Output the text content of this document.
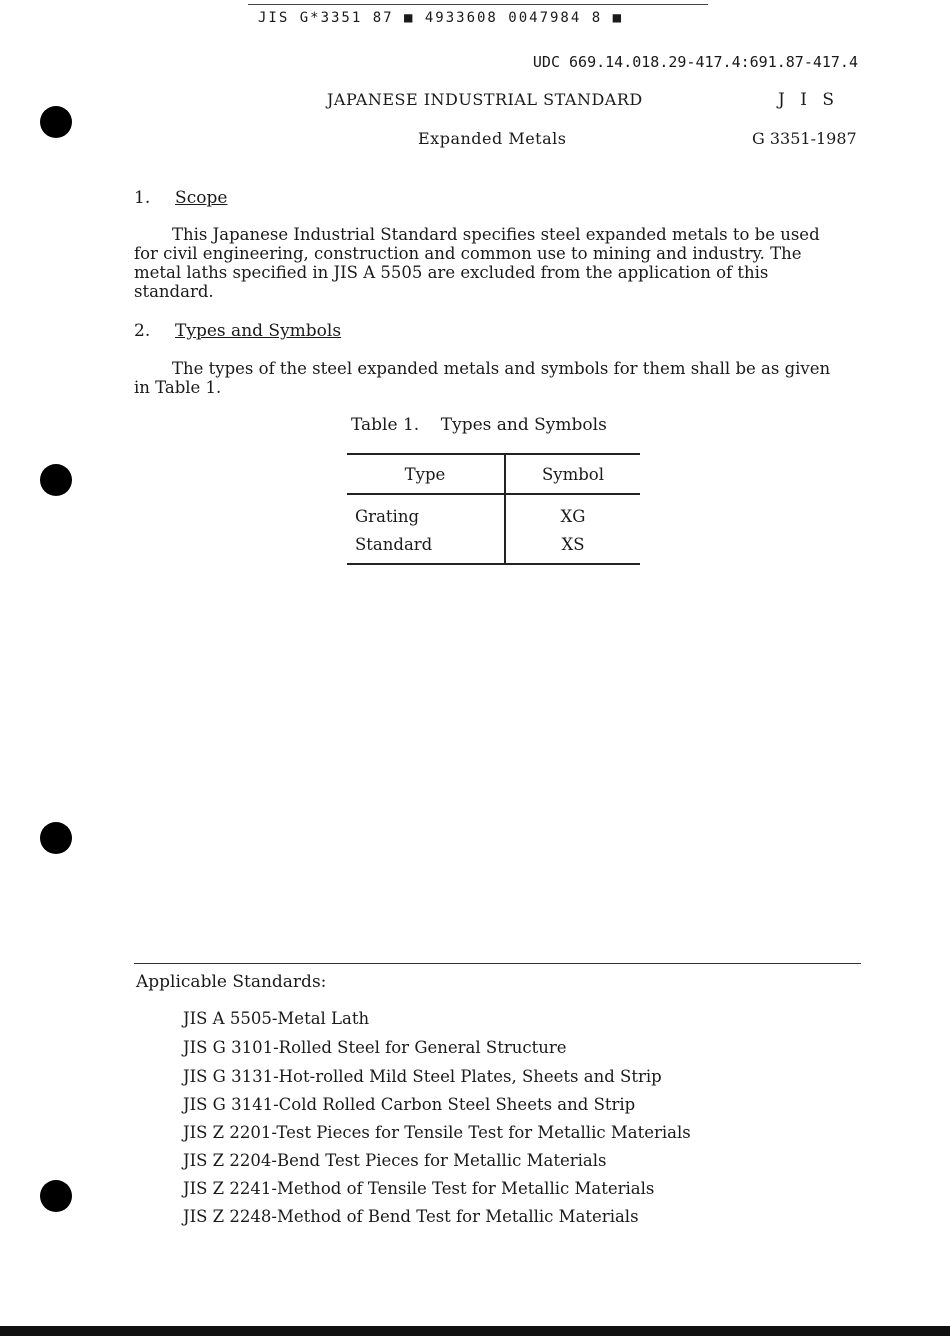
JIS G*3351 87 ■ 4933608 0047984 8 ■
UDC 669.14.018.29-417.4:691.87-417.4
JAPANESE INDUSTRIAL STANDARD	J I S
Expanded Metals	G 3351-1987
1. Scope
This Japanese Industrial Standard specifies steel expanded metals to be used for civil engineering, construction and common use to mining and industry. The metal laths specified in JIS A 5505 are excluded from the application of this standard.
2. Types and Symbols
The types of the steel expanded metals and symbols for them shall be as given in Table 1.
Table 1.    Types and Symbols
Type	Symbol
Grating	XG
Standard	XS
Applicable Standards:
JIS A 5505-Metal Lath
JIS G 3101-Rolled Steel for General Structure
JIS G 3131-Hot-rolled Mild Steel Plates, Sheets and Strip
JIS G 3141-Cold Rolled Carbon Steel Sheets and Strip
JIS Z 2201-Test Pieces for Tensile Test for Metallic Materials
JIS Z 2204-Bend Test Pieces for Metallic Materials
JIS Z 2241-Method of Tensile Test for Metallic Materials
JIS Z 2248-Method of Bend Test for Metallic Materials
